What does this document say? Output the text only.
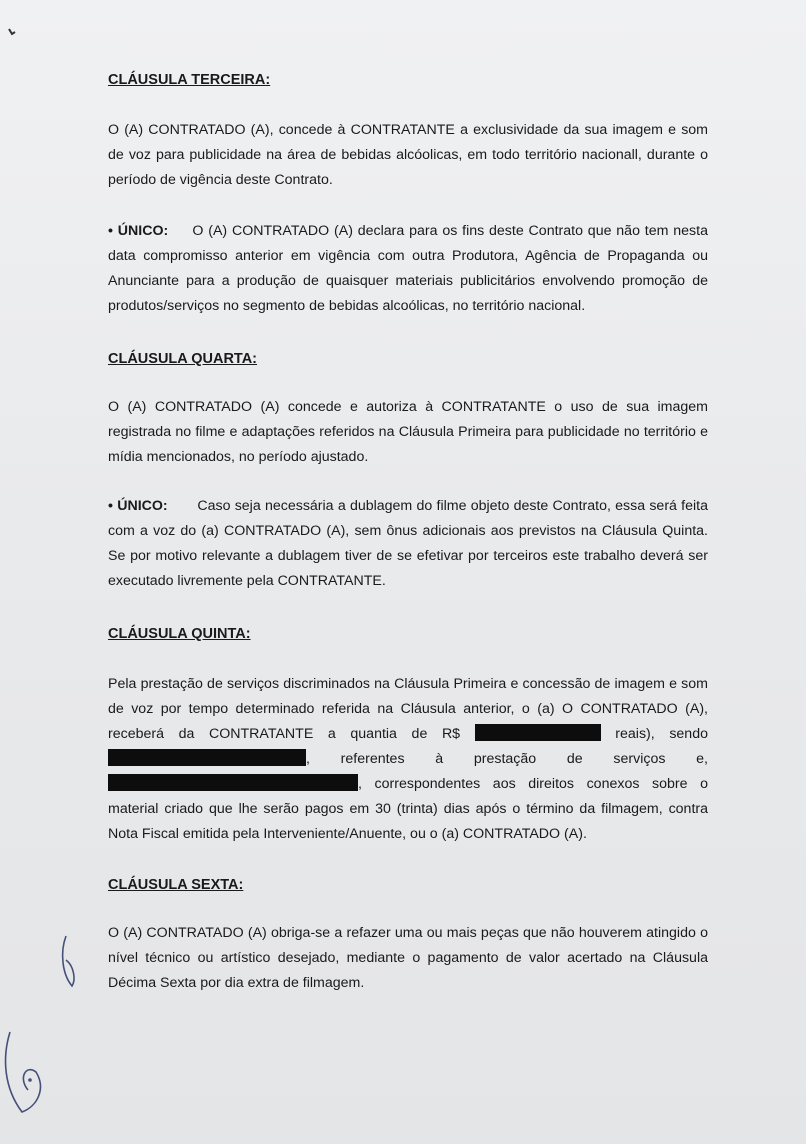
CLÁUSULA TERCEIRA:

O (A) CONTRATADO (A), concede à CONTRATANTE a exclusividade da sua imagem e som de voz para publicidade na área de bebidas alcóolicas, em todo território nacionall, durante o período de vigência deste Contrato.

• ÚNICO: O (A) CONTRATADO (A) declara para os fins deste Contrato que não tem nesta data compromisso anterior em vigência com outra Produtora, Agência de Propaganda ou Anunciante para a produção de quaisquer materiais publicitários envolvendo promoção de produtos/serviços no segmento de bebidas alcoólicas, no território nacional.

CLÁUSULA QUARTA:

O (A) CONTRATADO (A) concede e autoriza à CONTRATANTE o uso de sua imagem registrada no filme e adaptações referidos na Cláusula Primeira para publicidade no território e mídia mencionados, no período ajustado.

• ÚNICO: Caso seja necessária a dublagem do filme objeto deste Contrato, essa será feita com a voz do (a) CONTRATADO (A), sem ônus adicionais aos previstos na Cláusula Quinta. Se por motivo relevante a dublagem tiver de se efetivar por terceiros este trabalho deverá ser executado livremente pela CONTRATANTE.

CLÁUSULA QUINTA:

Pela prestação de serviços discriminados na Cláusula Primeira e concessão de imagem e som de voz por tempo determinado referida na Cláusula anterior, o (a) O CONTRATADO (A), receberá da CONTRATANTE a quantia de R$	reais), sendo , referentes à prestação de serviços e, , correspondentes aos direitos conexos sobre o material criado que lhe serão pagos em 30 (trinta) dias após o término da filmagem, contra Nota Fiscal emitida pela Interveniente/Anuente, ou o (a) CONTRATADO (A).

CLÁUSULA SEXTA:

O (A) CONTRATADO (A) obriga-se a refazer uma ou mais peças que não houverem atingido o nível técnico ou artístico desejado, mediante o pagamento de valor acertado na Cláusula Décima Sexta por dia extra de filmagem.
